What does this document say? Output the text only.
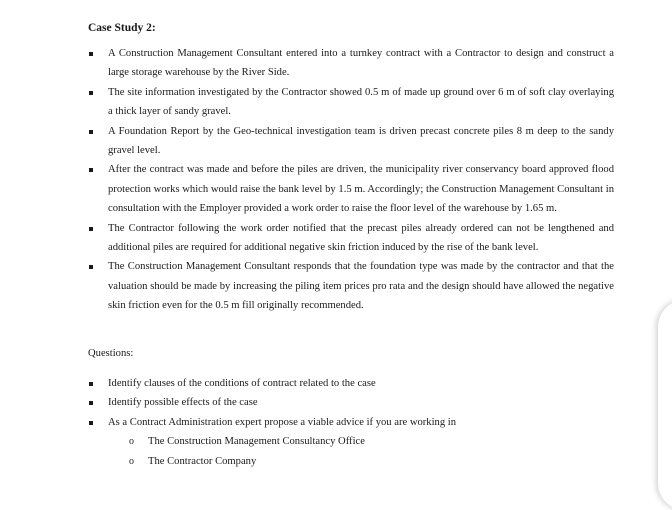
Case Study 2:
A Construction Management Consultant entered into a turnkey contract with a Contractor to design and construct a large storage warehouse by the River Side.
The site information investigated by the Contractor showed 0.5 m of made up ground over 6 m of soft clay overlaying a thick layer of sandy gravel.
A Foundation Report by the Geo-technical investigation team is driven precast concrete piles 8 m deep to the sandy gravel level.
After the contract was made and before the piles are driven, the municipality river conservancy board approved flood protection works which would raise the bank level by 1.5 m. Accordingly; the Construction Management Consultant in consultation with the Employer provided a work order to raise the floor level of the warehouse by 1.65 m.
The Contractor following the work order notified that the precast piles already ordered can not be lengthened and additional piles are required for additional negative skin friction induced by the rise of the bank level.
The Construction Management Consultant responds that the foundation type was made by the contractor and that the valuation should be made by increasing the piling item prices pro rata and the design should have allowed the negative skin friction even for the 0.5 m fill originally recommended.
Questions:
Identify clauses of the conditions of contract related to the case
Identify possible effects of the case
As a Contract Administration expert propose a viable advice if you are working in
o The Construction Management Consultancy Office
o The Contractor Company
